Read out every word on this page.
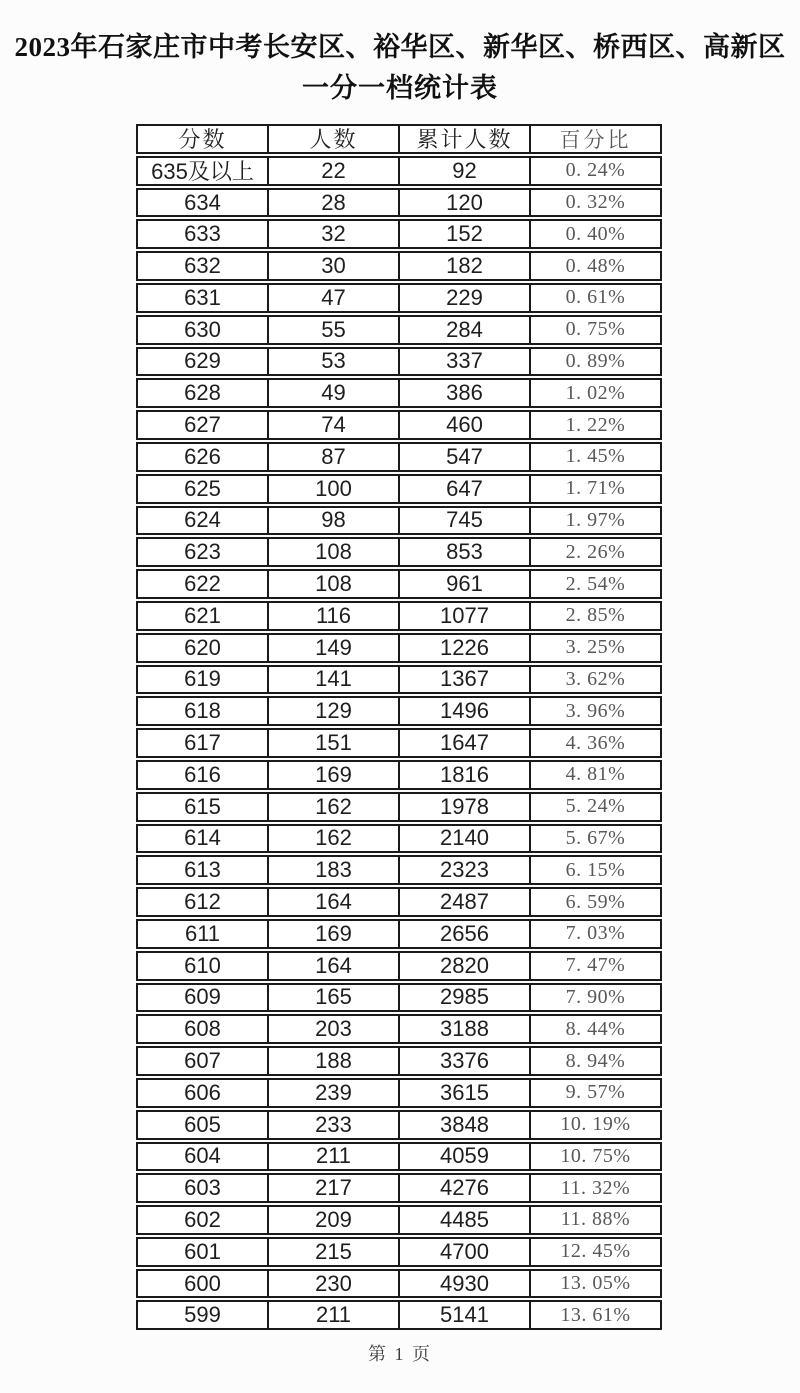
2023年石家庄市中考长安区、裕华区、新华区、桥西区、高新区
一分一档统计表
分数	人数	累计人数	百分比
635及以上	22	92	0. 24%
634	28	120	0. 32%
633	32	152	0. 40%
632	30	182	0. 48%
631	47	229	0. 61%
630	55	284	0. 75%
629	53	337	0. 89%
628	49	386	1. 02%
627	74	460	1. 22%
626	87	547	1. 45%
625	100	647	1. 71%
624	98	745	1. 97%
623	108	853	2. 26%
622	108	961	2. 54%
621	116	1077	2. 85%
620	149	1226	3. 25%
619	141	1367	3. 62%
618	129	1496	3. 96%
617	151	1647	4. 36%
616	169	1816	4. 81%
615	162	1978	5. 24%
614	162	2140	5. 67%
613	183	2323	6. 15%
612	164	2487	6. 59%
611	169	2656	7. 03%
610	164	2820	7. 47%
609	165	2985	7. 90%
608	203	3188	8. 44%
607	188	3376	8. 94%
606	239	3615	9. 57%
605	233	3848	10. 19%
604	211	4059	10. 75%
603	217	4276	11. 32%
602	209	4485	11. 88%
601	215	4700	12. 45%
600	230	4930	13. 05%
599	211	5141	13. 61%
第 1 页
